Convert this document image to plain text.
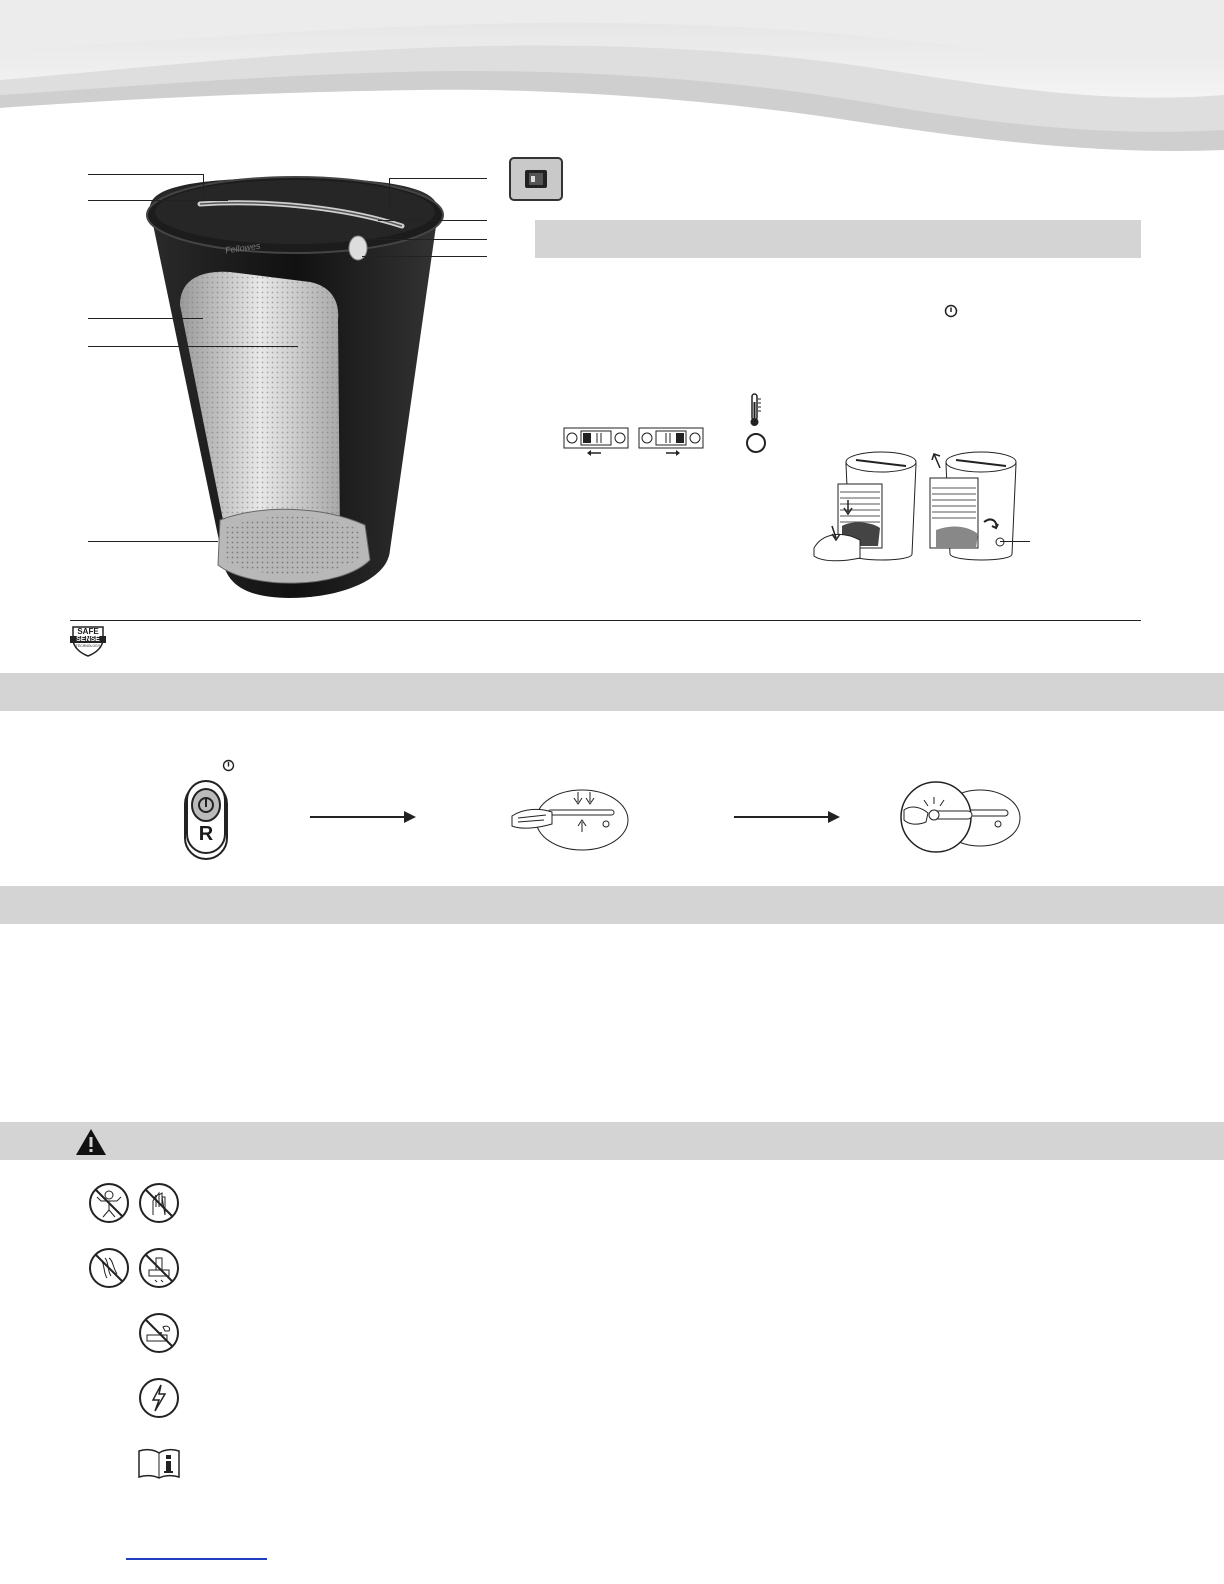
Fellowes
SAFE
SENSE
TECHNOLOGY
R
